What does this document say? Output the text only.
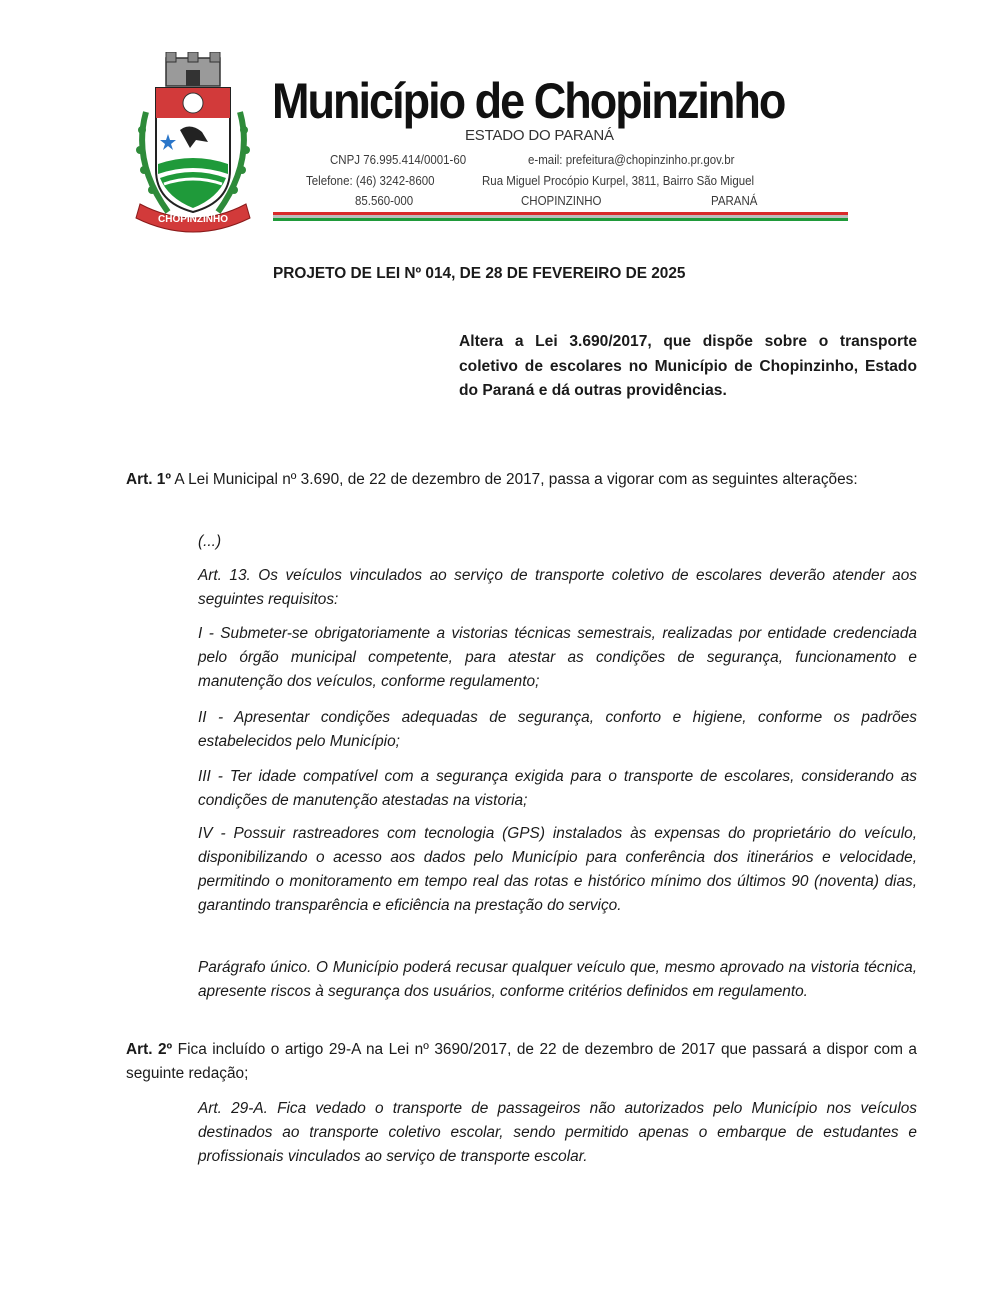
CHOPINZINHO
Município de Chopinzinho
ESTADO DO PARANÁ
CNPJ 76.995.414/0001-60	e-mail: prefeitura@chopinzinho.pr.gov.br
Telefone: (46) 3242-8600	Rua Miguel Procópio Kurpel, 3811, Bairro São Miguel
85.560-000	CHOPINZINHO	PARANÁ
PROJETO DE LEI Nº 014, DE 28 DE FEVEREIRO DE 2025
Altera a Lei 3.690/2017, que dispõe sobre o transporte coletivo de escolares no Município de Chopinzinho, Estado do Paraná e dá outras providências.
Art. 1º A Lei Municipal nº 3.690, de 22 de dezembro de 2017, passa a vigorar com as seguintes alterações:
(...)
Art. 13. Os veículos vinculados ao serviço de transporte coletivo de escolares deverão atender aos seguintes requisitos:
I - Submeter-se obrigatoriamente a vistorias técnicas semestrais, realizadas por entidade credenciada pelo órgão municipal competente, para atestar as condições de segurança, funcionamento e manutenção dos veículos, conforme regulamento;
II - Apresentar condições adequadas de segurança, conforto e higiene, conforme os padrões estabelecidos pelo Município;
III - Ter idade compatível com a segurança exigida para o transporte de escolares, considerando as condições de manutenção atestadas na vistoria;
IV - Possuir rastreadores com tecnologia (GPS) instalados às expensas do proprietário do veículo, disponibilizando o acesso aos dados pelo Município para conferência dos itinerários e velocidade, permitindo o monitoramento em tempo real das rotas e histórico mínimo dos últimos 90 (noventa) dias, garantindo transparência e eficiência na prestação do serviço.
Parágrafo único. O Município poderá recusar qualquer veículo que, mesmo aprovado na vistoria técnica, apresente riscos à segurança dos usuários, conforme critérios definidos em regulamento.
Art. 2º Fica incluído o artigo 29-A na Lei nº 3690/2017, de 22 de dezembro de 2017 que passará a dispor com a seguinte redação;
Art. 29-A. Fica vedado o transporte de passageiros não autorizados pelo Município nos veículos destinados ao transporte coletivo escolar, sendo permitido apenas o embarque de estudantes e profissionais vinculados ao serviço de transporte escolar.
